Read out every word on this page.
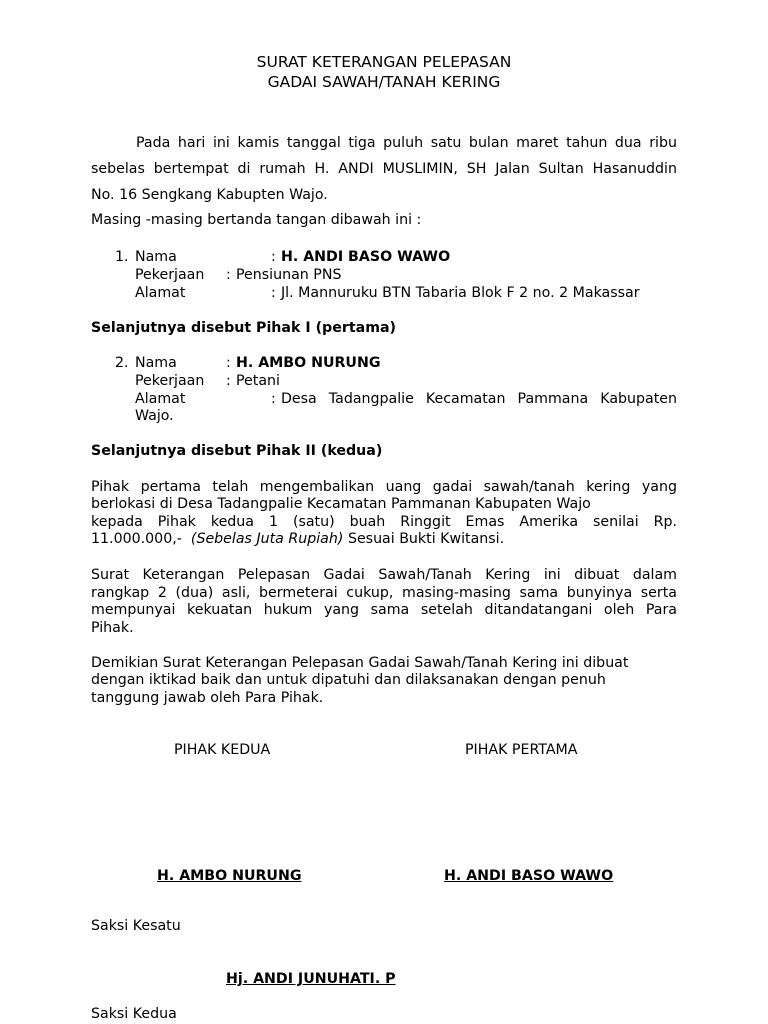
SURAT KETERANGAN PELEPASAN
GADAI SAWAH/TANAH KERING
Pada hari ini kamis tanggal tiga puluh satu bulan maret tahun dua ribu
sebelas bertempat di rumah H. ANDI MUSLIMIN, SH Jalan Sultan Hasanuddin
No. 16 Sengkang Kabupten Wajo.
Masing -masing bertanda tangan dibawah ini :
1. Nama	: H. ANDI BASO WAWO
Pekerjaan : Pensiunan PNS
Alamat	: Jl. Mannuruku BTN Tabaria Blok F 2 no. 2 Makassar
Selanjutnya disebut Pihak I (pertama)
2. Nama	: H. AMBO NURUNG
Pekerjaan : Petani
Alamat	: Desa Tadangpalie Kecamatan Pammana Kabupaten
Wajo.
Selanjutnya disebut Pihak II (kedua)
Pihak pertama telah mengembalikan uang gadai sawah/tanah kering yang
berlokasi di Desa Tadangpalie Kecamatan Pammanan Kabupaten Wajo
kepada Pihak kedua 1 (satu) buah Ringgit Emas Amerika senilai Rp.
11.000.000,- (Sebelas Juta Rupiah) Sesuai Bukti Kwitansi.
Surat Keterangan Pelepasan Gadai Sawah/Tanah Kering ini dibuat dalam
rangkap 2 (dua) asli, bermeterai cukup, masing-masing sama bunyinya serta
mempunyai kekuatan hukum yang sama setelah ditandatangani oleh Para
Pihak.
Demikian Surat Keterangan Pelepasan Gadai Sawah/Tanah Kering ini dibuat
dengan iktikad baik dan untuk dipatuhi dan dilaksanakan dengan penuh
tanggung jawab oleh Para Pihak.
PIHAK KEDUA	PIHAK PERTAMA
H. AMBO NURUNG	H. ANDI BASO WAWO
Saksi Kesatu
Hj. ANDI JUNUHATI. P
Saksi Kedua
